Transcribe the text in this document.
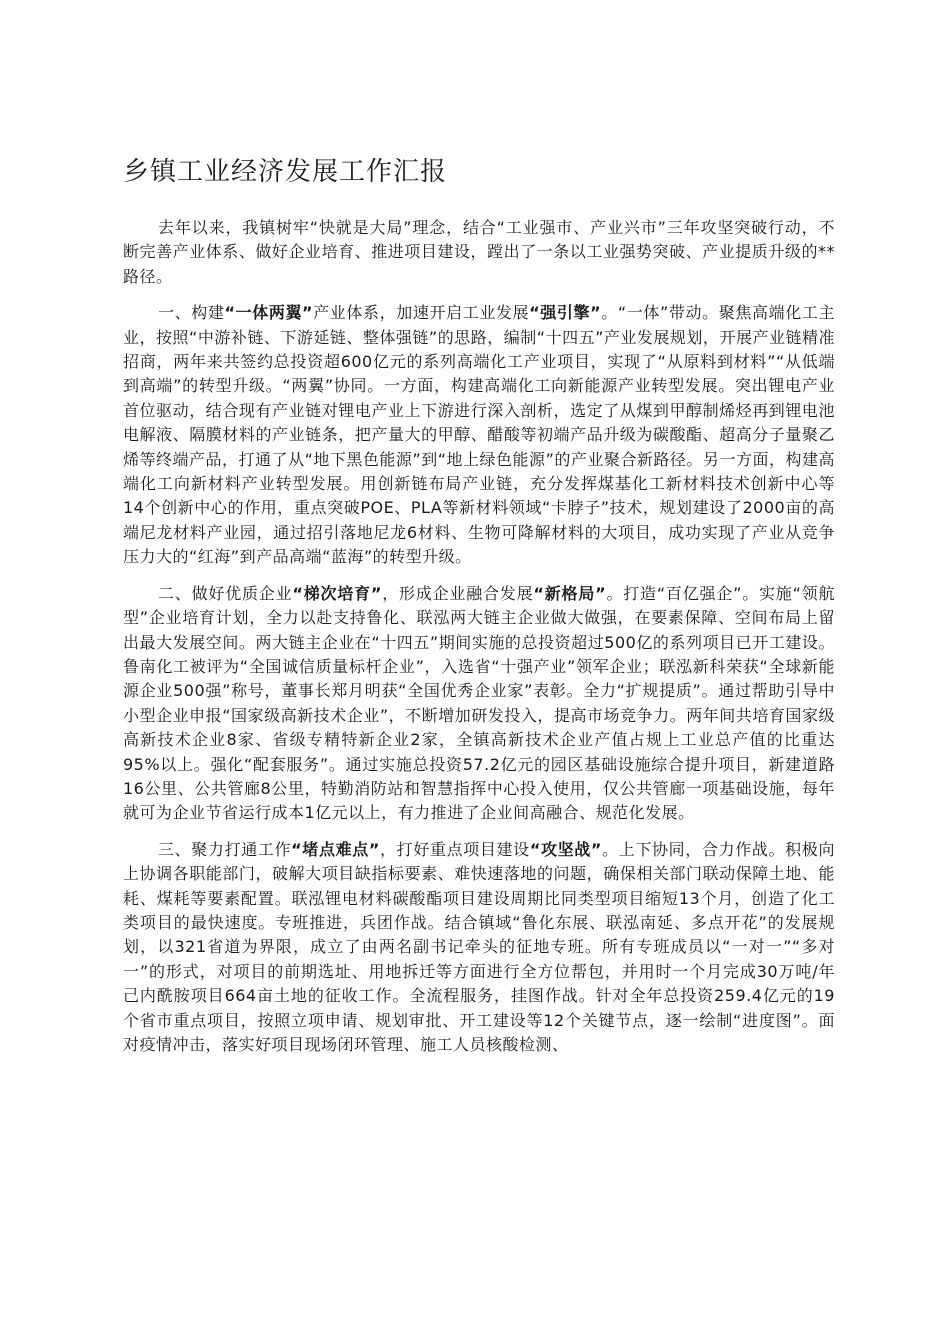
乡镇工业经济发展工作汇报

去年以来，我镇树牢“快就是大局”理念，结合“工业强市、产业兴市”三年攻坚突破行动，不断完善产业体系、做好企业培育、推进项目建设，蹚出了一条以工业强势突破、产业提质升级的**路径。

一、构建“一体两翼”产业体系，加速开启工业发展“强引擎”。“一体”带动。聚焦高端化工主业，按照“中游补链、下游延链、整体强链”的思路，编制“十四五”产业发展规划，开展产业链精准招商，两年来共签约总投资超600亿元的系列高端化工产业项目，实现了“从原料到材料”“从低端到高端”的转型升级。“两翼”协同。一方面，构建高端化工向新能源产业转型发展。突出锂电产业首位驱动，结合现有产业链对锂电产业上下游进行深入剖析，选定了从煤到甲醇制烯烃再到锂电池电解液、隔膜材料的产业链条，把产量大的甲醇、醋酸等初端产品升级为碳酸酯、超高分子量聚乙烯等终端产品，打通了从“地下黑色能源”到“地上绿色能源”的产业聚合新路径。另一方面，构建高端化工向新材料产业转型发展。用创新链布局产业链，充分发挥煤基化工新材料技术创新中心等14个创新中心的作用，重点突破POE、PLA等新材料领域“卡脖子”技术，规划建设了2000亩的高端尼龙材料产业园，通过招引落地尼龙6材料、生物可降解材料的大项目，成功实现了产业从竞争压力大的“红海”到产品高端“蓝海”的转型升级。

二、做好优质企业“梯次培育”，形成企业融合发展“新格局”。打造“百亿强企”。实施“领航型”企业培育计划，全力以赴支持鲁化、联泓两大链主企业做大做强，在要素保障、空间布局上留出最大发展空间。两大链主企业在“十四五”期间实施的总投资超过500亿的系列项目已开工建设。鲁南化工被评为“全国诚信质量标杆企业”，入选省“十强产业”领军企业；联泓新科荣获“全球新能源企业500强”称号，董事长郑月明获“全国优秀企业家”表彰。全力“扩规提质”。通过帮助引导中小型企业申报“国家级高新技术企业”，不断增加研发投入，提高市场竞争力。两年间共培育国家级高新技术企业8家、省级专精特新企业2家，全镇高新技术企业产值占规上工业总产值的比重达95%以上。强化“配套服务”。通过实施总投资57.2亿元的园区基础设施综合提升项目，新建道路16公里、公共管廊8公里，特勤消防站和智慧指挥中心投入使用，仅公共管廊一项基础设施，每年就可为企业节省运行成本1亿元以上，有力推进了企业间高融合、规范化发展。

三、聚力打通工作“堵点难点”，打好重点项目建设“攻坚战”。上下协同，合力作战。积极向上协调各职能部门，破解大项目缺指标要素、难快速落地的问题，确保相关部门联动保障土地、能耗、煤耗等要素配置。联泓锂电材料碳酸酯项目建设周期比同类型项目缩短13个月，创造了化工类项目的最快速度。专班推进，兵团作战。结合镇域“鲁化东展、联泓南延、多点开花”的发展规划，以321省道为界限，成立了由两名副书记牵头的征地专班。所有专班成员以“一对一”“多对一”的形式，对项目的前期选址、用地拆迁等方面进行全方位帮包，并用时一个月完成30万吨/年己内酰胺项目664亩土地的征收工作。全流程服务，挂图作战。针对全年总投资259.4亿元的19个省市重点项目，按照立项申请、规划审批、开工建设等12个关键节点，逐一绘制“进度图”。面对疫情冲击，落实好项目现场闭环管理、施工人员核酸检测、
